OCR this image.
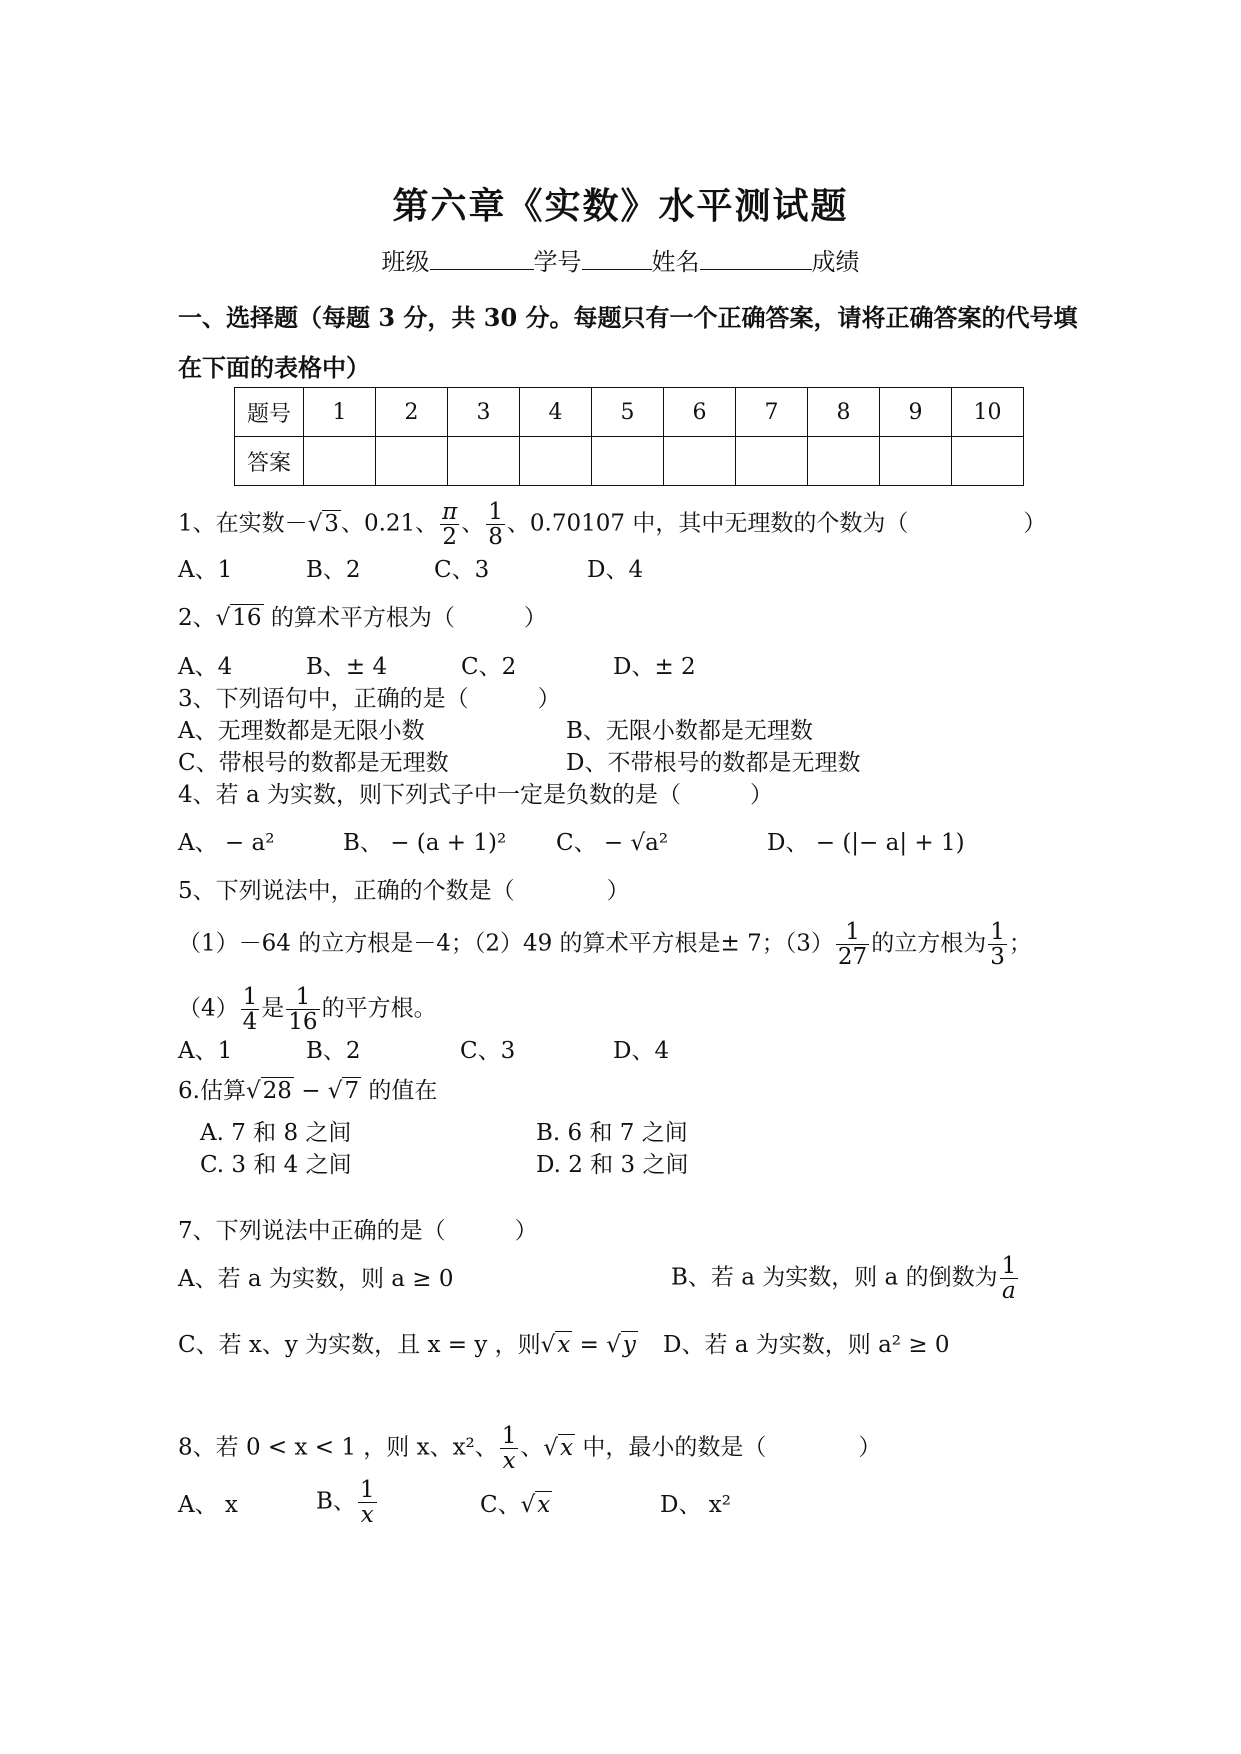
第六章《实数》水平测试题
班级	学号	姓名	成绩
一、选择题（每题 3 分，共 30 分。每题只有一个正确答案，请将正确答案的代号填
在下面的表格中）
题号	1	2	3	4	5	6	7	8	9	10
答案										
1、在实数－√3、0.21、 $\frac{\pi}{2}$ 、 $\frac{1}{8}$ 、0.70107 中，其中无理数的个数为（　　　　　）
A、1	B、2	C、3	D、4
2、√16 的算术平方根为（　　　）
A、4	B、± 4	C、2	D、± 2
3、下列语句中，正确的是（　　　）
A、无理数都是无限小数	B、无限小数都是无理数
C、带根号的数都是无理数	D、不带根号的数都是无理数
4、若 a 为实数，则下列式子中一定是负数的是（　　　）
A、 − a²	B、 − (a + 1)² C、 − √a²	D、 − (|− a| + 1)
5、下列说法中，正确的个数是（　　　　）
（1）－64 的立方根是－4；（2）49 的算术平方根是± 7；$(3) \frac{1}{27}$ 的立方根为 $\frac{1}{3}$ ；
$(4) \frac{1}{4}$ 是 $\frac{1}{16}$ 的平方根。
A、1	B、2	C、3	D、4
6.估算√28 − √7 的值在
A. 7 和 8 之间	B. 6 和 7 之间
C. 3 和 4 之间	D. 2 和 3 之间
7、下列说法中正确的是（　　　）
A、若 a 为实数，则 a ≥ 0	B、若 a 为实数，则 a 的倒数为 $\frac{1}{a}$
C、若 x、y 为实数，且 x = y ，则√x = √y D、若 a 为实数，则 a² ≥ 0
8、若 0 < x < 1 ，则 x、x²、 $\frac{1}{x}$ 、√x 中，最小的数是（　　　　）
A、 x	B、 $\frac{1}{x}$	C、√x	D、 x²
